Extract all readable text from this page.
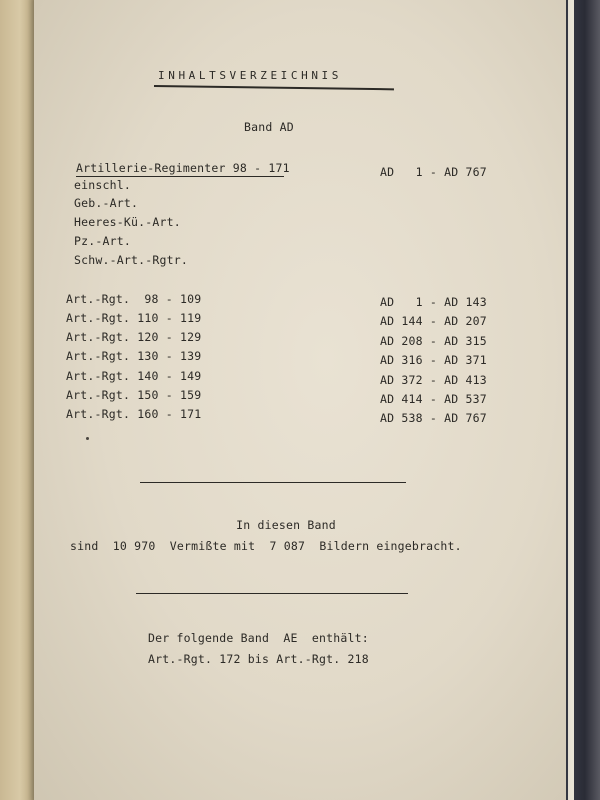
INHALTSVERZEICHNIS
Band AD
Artillerie-Regimenter 98 - 171	AD   1 - AD 767
einschl.
Geb.-Art.
Heeres-Kü.-Art.
Pz.-Art.
Schw.-Art.-Rgtr.
Art.-Rgt.  98 - 109	AD   1 - AD 143
Art.-Rgt. 110 - 119	AD 144 - AD 207
Art.-Rgt. 120 - 129	AD 208 - AD 315
Art.-Rgt. 130 - 139	AD 316 - AD 371
Art.-Rgt. 140 - 149	AD 372 - AD 413
Art.-Rgt. 150 - 159	AD 414 - AD 537
Art.-Rgt. 160 - 171	AD 538 - AD 767
In diesen Band
sind  10 970  Vermißte mit  7 087  Bildern eingebracht.
Der folgende Band  AE  enthält:
Art.-Rgt. 172 bis Art.-Rgt. 218
